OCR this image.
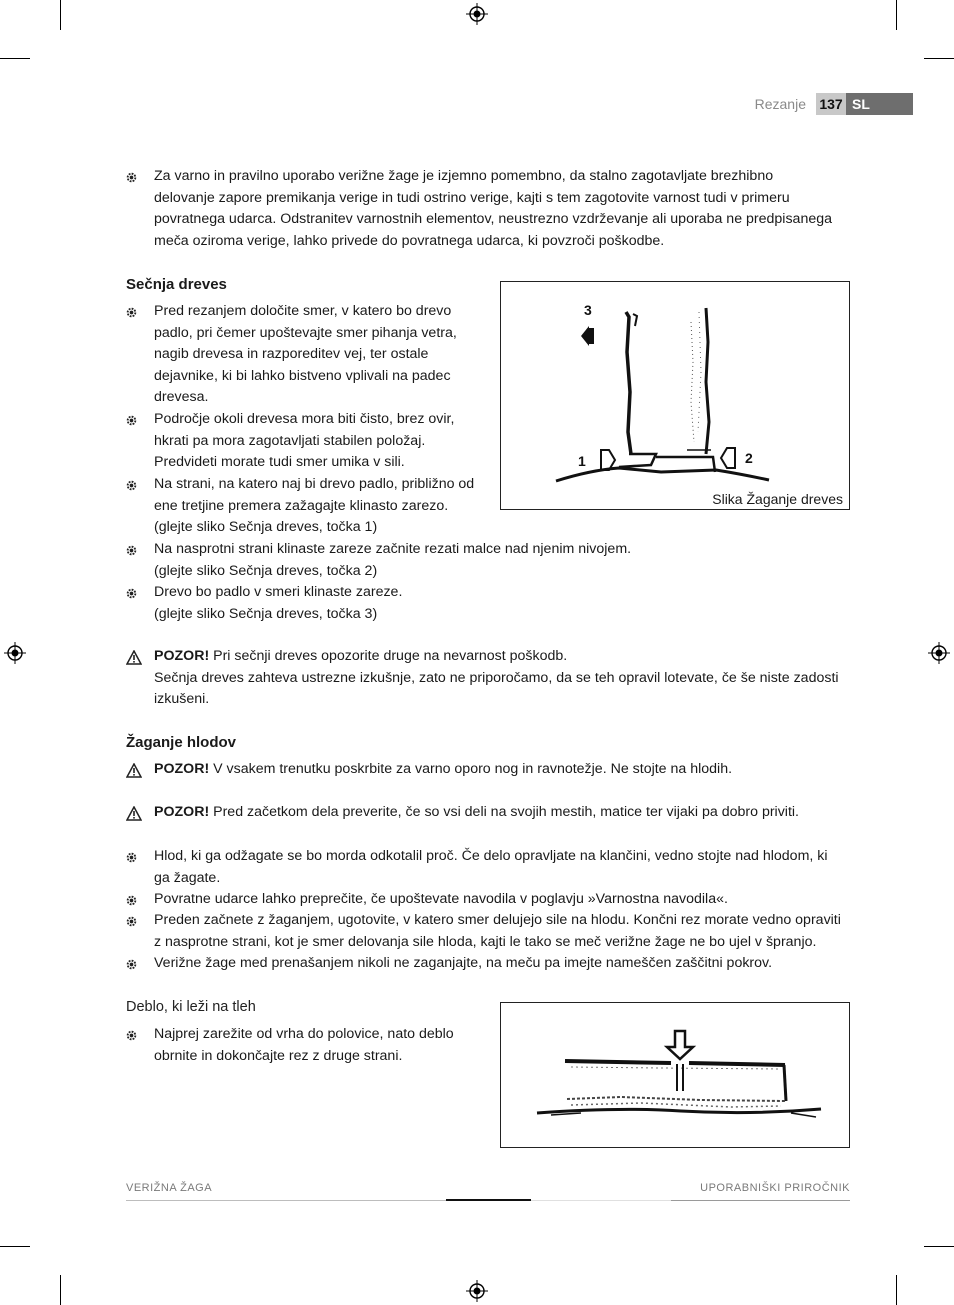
Rezanje 137 SL
Za varno in pravilno uporabo verižne žage je izjemno pomembno, da stalno zagotavljate brezhibno
delovanje zapore premikanja verige in tudi ostrino verige, kajti s tem zagotovite varnost tudi v primeru
povratnega udarca. Odstranitev varnostnih elementov, neustrezno vzdrževanje ali uporaba ne predpisanega
meča oziroma verige, lahko privede do povratnega udarca, ki povzroči poškodbe.
Sečnja dreves
Pred rezanjem določite smer, v katero bo drevo
padlo, pri čemer upoštevajte smer pihanja vetra,
nagib drevesa in razporeditev vej, ter ostale
dejavnike, ki bi lahko bistveno vplivali na padec
drevesa.
Področje okoli drevesa mora biti čisto, brez ovir,
hkrati pa mora zagotavljati stabilen položaj.
Predvideti morate tudi smer umika v sili.
Na strani, na katero naj bi drevo padlo, približno od
ene tretjine premera zažagajte klinasto zarezo.
(glejte sliko Sečnja dreves, točka 1)
Na nasprotni strani klinaste zareze začnite rezati malce nad njenim nivojem.
(glejte sliko Sečnja dreves, točka 2)
Drevo bo padlo v smeri klinaste zareze.
(glejte sliko Sečnja dreves, točka 3)
3
1	2
Slika Žaganje dreves
POZOR! Pri sečnji dreves opozorite druge na nevarnost poškodb.
Sečnja dreves zahteva ustrezne izkušnje, zato ne priporočamo, da se teh opravil lotevate, če še niste zadosti
izkušeni.
Žaganje hlodov
POZOR! V vsakem trenutku poskrbite za varno oporo nog in ravnotežje. Ne stojte na hlodih.
POZOR! Pred začetkom dela preverite, če so vsi deli na svojih mestih, matice ter vijaki pa dobro priviti.
Hlod, ki ga odžagate se bo morda odkotalil proč. Če delo opravljate na klančini, vedno stojte nad hlodom, ki
ga žagate.
Povratne udarce lahko preprečite, če upoštevate navodila v poglavju »Varnostna navodila«.
Preden začnete z žaganjem, ugotovite, v katero smer delujejo sile na hlodu. Končni rez morate vedno opraviti
z nasprotne strani, kot je smer delovanja sile hloda, kajti le tako se meč verižne žage ne bo ujel v špranjo.
Verižne žage med prenašanjem nikoli ne zaganjajte, na meču pa imejte nameščen zaščitni pokrov.
Deblo, ki leži na tleh
Najprej zarežite od vrha do polovice, nato deblo
obrnite in dokončajte rez z druge strani.
VERIŽNA ŽAGA	UPORABNIŠKI PRIROČNIK
